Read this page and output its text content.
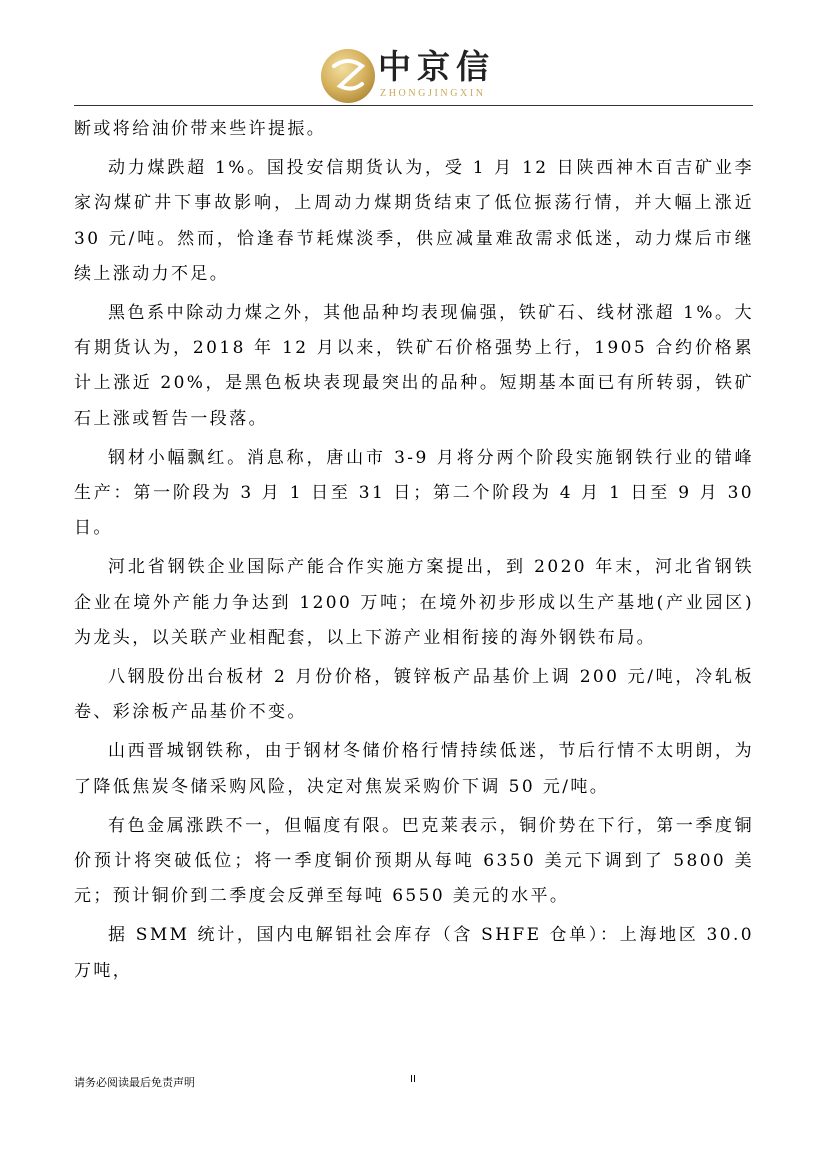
中京信
ZHONGJINGXIN

断或将给油价带来些许提振。

动力煤跌超 1%。国投安信期货认为，受 1 月 12 日陕西神木百吉矿业李家沟煤矿井下事故影响，上周动力煤期货结束了低位振荡行情，并大幅上涨近 30 元/吨。然而，恰逢春节耗煤淡季，供应减量难敌需求低迷，动力煤后市继续上涨动力不足。

黑色系中除动力煤之外，其他品种均表现偏强，铁矿石、线材涨超 1%。大有期货认为，2018 年 12 月以来，铁矿石价格强势上行，1905 合约价格累计上涨近 20%，是黑色板块表现最突出的品种。短期基本面已有所转弱，铁矿石上涨或暂告一段落。

钢材小幅飘红。消息称，唐山市 3-9 月将分两个阶段实施钢铁行业的错峰生产：第一阶段为 3 月 1 日至 31 日；第二个阶段为 4 月 1 日至 9 月 30 日。

河北省钢铁企业国际产能合作实施方案提出，到 2020 年末，河北省钢铁企业在境外产能力争达到 1200 万吨；在境外初步形成以生产基地(产业园区)为龙头，以关联产业相配套，以上下游产业相衔接的海外钢铁布局。

八钢股份出台板材 2 月份价格，镀锌板产品基价上调 200 元/吨，冷轧板卷、彩涂板产品基价不变。

山西晋城钢铁称，由于钢材冬储价格行情持续低迷，节后行情不太明朗，为了降低焦炭冬储采购风险，决定对焦炭采购价下调 50 元/吨。

有色金属涨跌不一，但幅度有限。巴克莱表示，铜价势在下行，第一季度铜价预计将突破低位；将一季度铜价预期从每吨 6350 美元下调到了 5800 美元；预计铜价到二季度会反弹至每吨 6550 美元的水平。

据 SMM 统计，国内电解铝社会库存（含 SHFE 仓单）：上海地区 30.0 万吨，

请务必阅读最后免责声明	II
